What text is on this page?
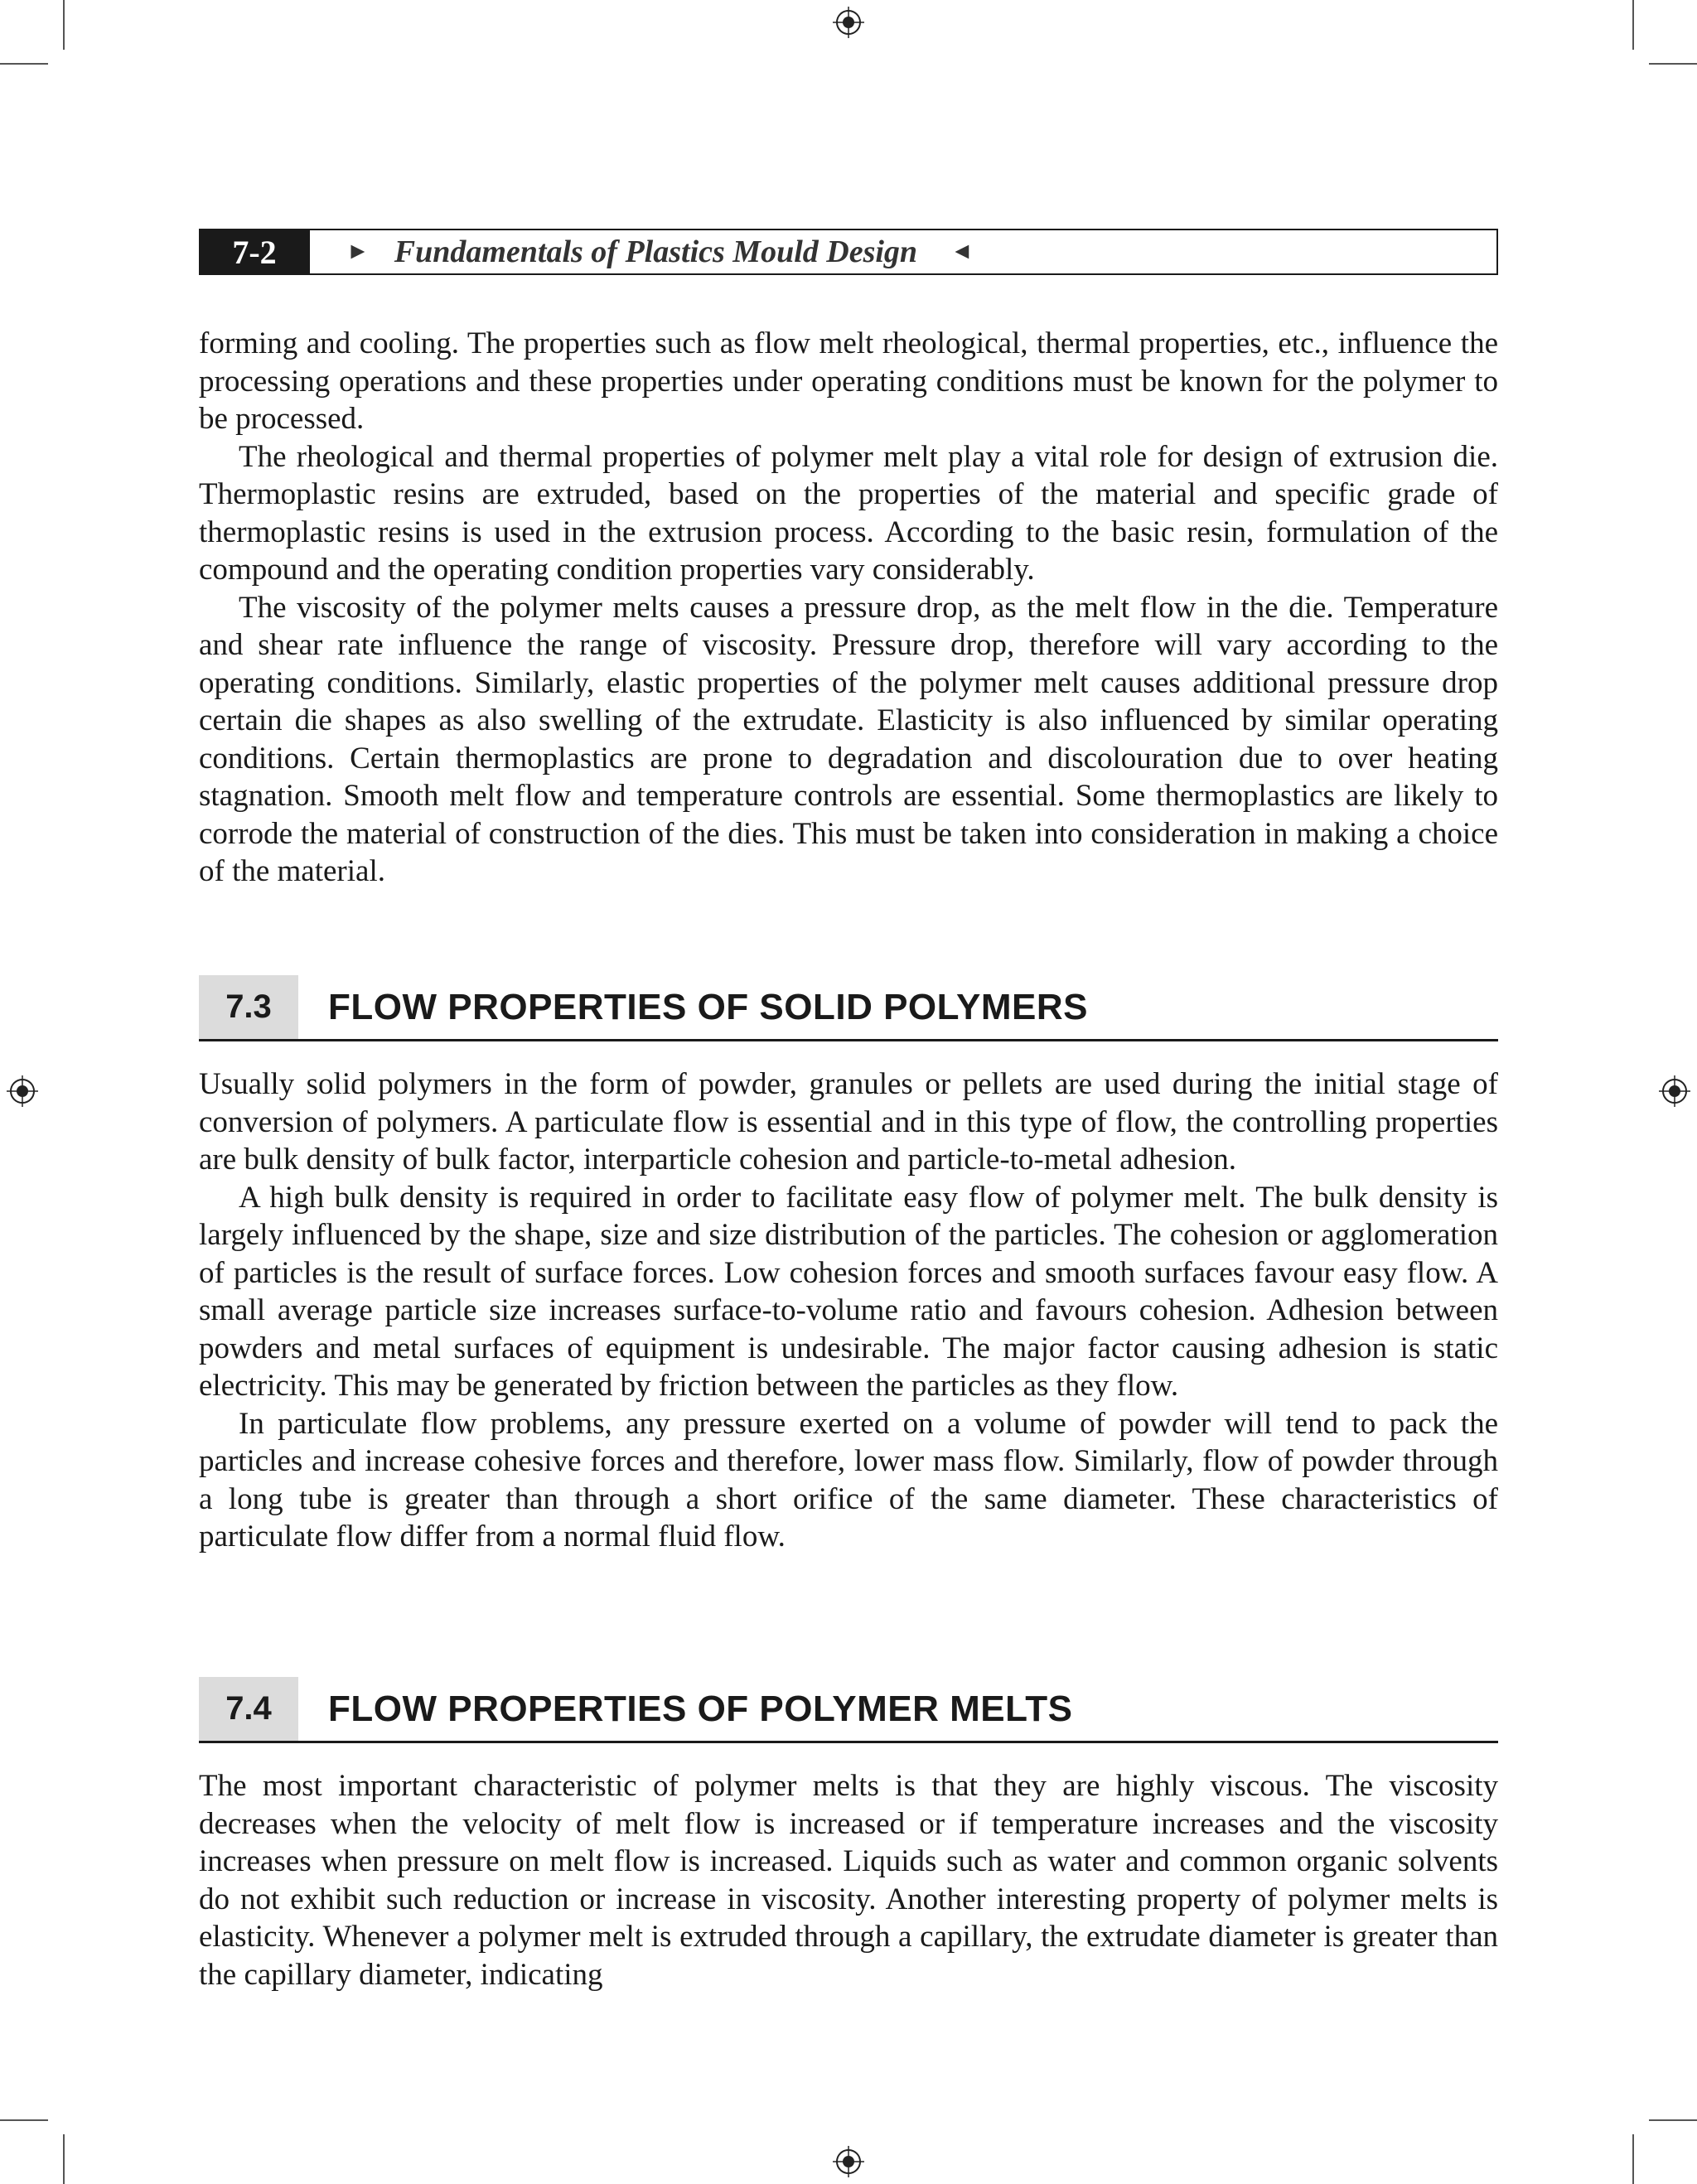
7-2	► Fundamentals of Plastics Mould Design ◄

forming and cooling. The properties such as flow melt rheological, thermal properties, etc., influence the processing operations and these properties under operating conditions must be known for the polymer to be processed.

The rheological and thermal properties of polymer melt play a vital role for design of extrusion die. Thermoplastic resins are extruded, based on the properties of the material and specific grade of thermoplastic resins is used in the extrusion process. According to the basic resin, formulation of the compound and the operating condition properties vary considerably.

The viscosity of the polymer melts causes a pressure drop, as the melt flow in the die. Temperature and shear rate influence the range of viscosity. Pressure drop, therefore will vary according to the operating conditions. Similarly, elastic properties of the polymer melt causes additional pressure drop certain die shapes as also swelling of the extrudate. Elasticity is also influenced by similar operating conditions. Certain thermoplastics are prone to degradation and discolouration due to over heating stagnation. Smooth melt flow and temperature controls are essential. Some thermoplastics are likely to corrode the material of construction of the dies. This must be taken into consideration in making a choice of the material.

7.3	FLOW PROPERTIES OF SOLID POLYMERS

Usually solid polymers in the form of powder, granules or pellets are used during the initial stage of conversion of polymers. A particulate flow is essential and in this type of flow, the controlling properties are bulk density of bulk factor, interparticle cohesion and particle-to-metal adhesion.

A high bulk density is required in order to facilitate easy flow of polymer melt. The bulk density is largely influenced by the shape, size and size distribution of the particles. The cohesion or agglomeration of particles is the result of surface forces. Low cohesion forces and smooth surfaces favour easy flow. A small average particle size increases surface-to-volume ratio and favours cohesion. Adhesion between powders and metal surfaces of equipment is undesirable. The major factor causing adhesion is static electricity. This may be generated by friction between the particles as they flow.

In particulate flow problems, any pressure exerted on a volume of powder will tend to pack the particles and increase cohesive forces and therefore, lower mass flow. Similarly, flow of powder through a long tube is greater than through a short orifice of the same diameter. These characteristics of particulate flow differ from a normal fluid flow.

7.4	FLOW PROPERTIES OF POLYMER MELTS

The most important characteristic of polymer melts is that they are highly viscous. The viscosity decreases when the velocity of melt flow is increased or if temperature increases and the viscosity increases when pressure on melt flow is increased. Liquids such as water and common organic solvents do not exhibit such reduction or increase in viscosity. Another interesting property of polymer melts is elasticity. Whenever a polymer melt is extruded through a capillary, the extrudate diameter is greater than the capillary diameter, indicating
